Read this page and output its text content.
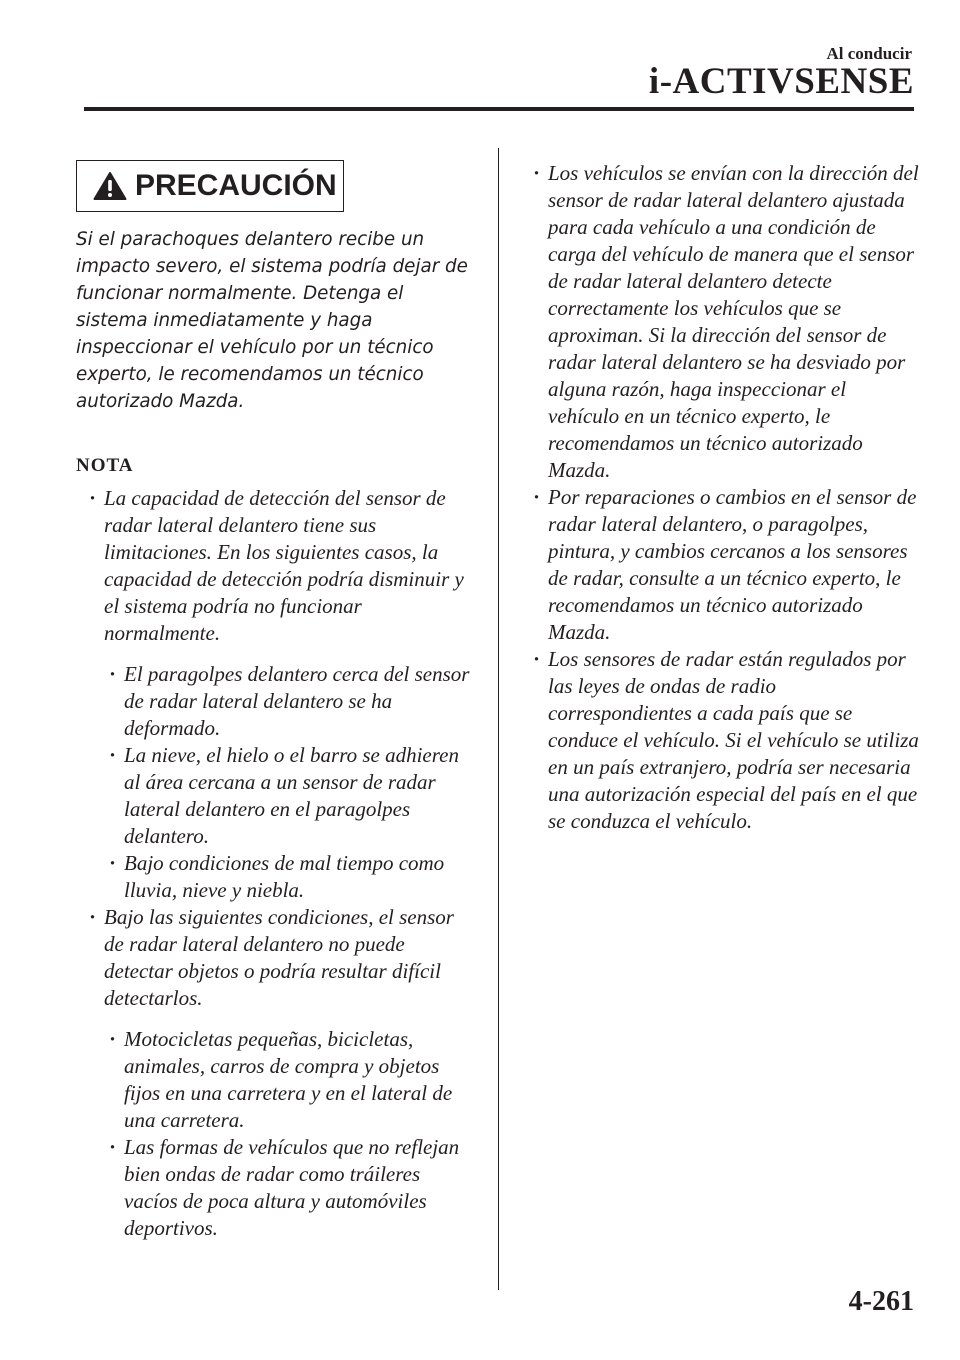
Al conducir
i-ACTIVSENSE
PRECAUCIÓN

Si el parachoques delantero recibe un impacto severo, el sistema podría dejar de funcionar normalmente. Detenga el sistema inmediatamente y haga inspeccionar el vehículo por un técnico experto, le recomendamos un técnico autorizado Mazda.

NOTA
· La capacidad de detección del sensor de radar lateral delantero tiene sus limitaciones. En los siguientes casos, la capacidad de detección podría disminuir y el sistema podría no funcionar normalmente.
· El paragolpes delantero cerca del sensor de radar lateral delantero se ha deformado.
· La nieve, el hielo o el barro se adhieren al área cercana a un sensor de radar lateral delantero en el paragolpes delantero.
· Bajo condiciones de mal tiempo como lluvia, nieve y niebla.
· Bajo las siguientes condiciones, el sensor de radar lateral delantero no puede detectar objetos o podría resultar difícil detectarlos.
· Motocicletas pequeñas, bicicletas, animales, carros de compra y objetos fijos en una carretera y en el lateral de una carretera.
· Las formas de vehículos que no reflejan bien ondas de radar como tráileres vacíos de poca altura y automóviles deportivos.
· Los vehículos se envían con la dirección del sensor de radar lateral delantero ajustada para cada vehículo a una condición de carga del vehículo de manera que el sensor de radar lateral delantero detecte correctamente los vehículos que se aproximan. Si la dirección del sensor de radar lateral delantero se ha desviado por alguna razón, haga inspeccionar el vehículo en un técnico experto, le recomendamos un técnico autorizado Mazda.
· Por reparaciones o cambios en el sensor de radar lateral delantero, o paragolpes, pintura, y cambios cercanos a los sensores de radar, consulte a un técnico experto, le recomendamos un técnico autorizado Mazda.
· Los sensores de radar están regulados por las leyes de ondas de radio correspondientes a cada país que se conduce el vehículo. Si el vehículo se utiliza en un país extranjero, podría ser necesaria una autorización especial del país en el que se conduzca el vehículo.
4-261
